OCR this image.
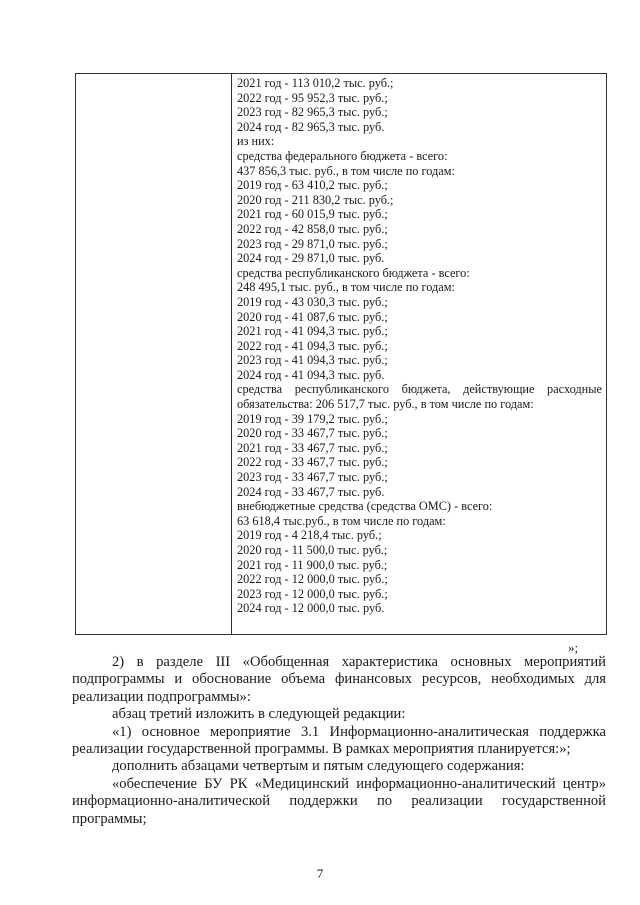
2021 год - 113 010,2 тыс. руб.;
2022 год - 95 952,3 тыс. руб.;
2023 год - 82 965,3 тыс. руб.;
2024 год - 82 965,3 тыс. руб.
из них:
средства федерального бюджета - всего:
437 856,3 тыс. руб., в том числе по годам:
2019 год - 63 410,2 тыс. руб.;
2020 год - 211 830,2 тыс. руб.;
2021 год - 60 015,9 тыс. руб.;
2022 год - 42 858,0 тыс. руб.;
2023 год - 29 871,0 тыс. руб.;
2024 год - 29 871,0 тыс. руб.
средства республиканского бюджета - всего:
248 495,1 тыс. руб., в том числе по годам:
2019 год - 43 030,3 тыс. руб.;
2020 год - 41 087,6 тыс. руб.;
2021 год - 41 094,3 тыс. руб.;
2022 год - 41 094,3 тыс. руб.;
2023 год - 41 094,3 тыс. руб.;
2024 год - 41 094,3 тыс. руб.
средства республиканского бюджета, действующие расходные
обязательства: 206 517,7 тыс. руб., в том числе по годам:
2019 год - 39 179,2 тыс. руб.;
2020 год - 33 467,7 тыс. руб.;
2021 год - 33 467,7 тыс. руб.;
2022 год - 33 467,7 тыс. руб.;
2023 год - 33 467,7 тыс. руб.;
2024 год - 33 467,7 тыс. руб.
внебюджетные средства (средства ОМС) - всего:
63 618,4 тыс.руб., в том числе по годам:
2019 год - 4 218,4 тыс. руб.;
2020 год - 11 500,0 тыс. руб.;
2021 год - 11 900,0 тыс. руб.;
2022 год - 12 000,0 тыс. руб.;
2023 год - 12 000,0 тыс. руб.;
2024 год - 12 000,0 тыс. руб.
»;

2) в разделе III «Обобщенная характеристика основных мероприятий подпрограммы и обоснование объема финансовых ресурсов, необходимых для реализации подпрограммы»:

абзац третий изложить в следующей редакции:

«1) основное мероприятие 3.1 Информационно-аналитическая поддержка реализации государственной программы. В рамках мероприятия планируется:»;

дополнить абзацами четвертым и пятым следующего содержания:

«обеспечение БУ РК «Медицинский информационно-аналитический центр» информационно-аналитической поддержки по реализации государственной программы;

7
